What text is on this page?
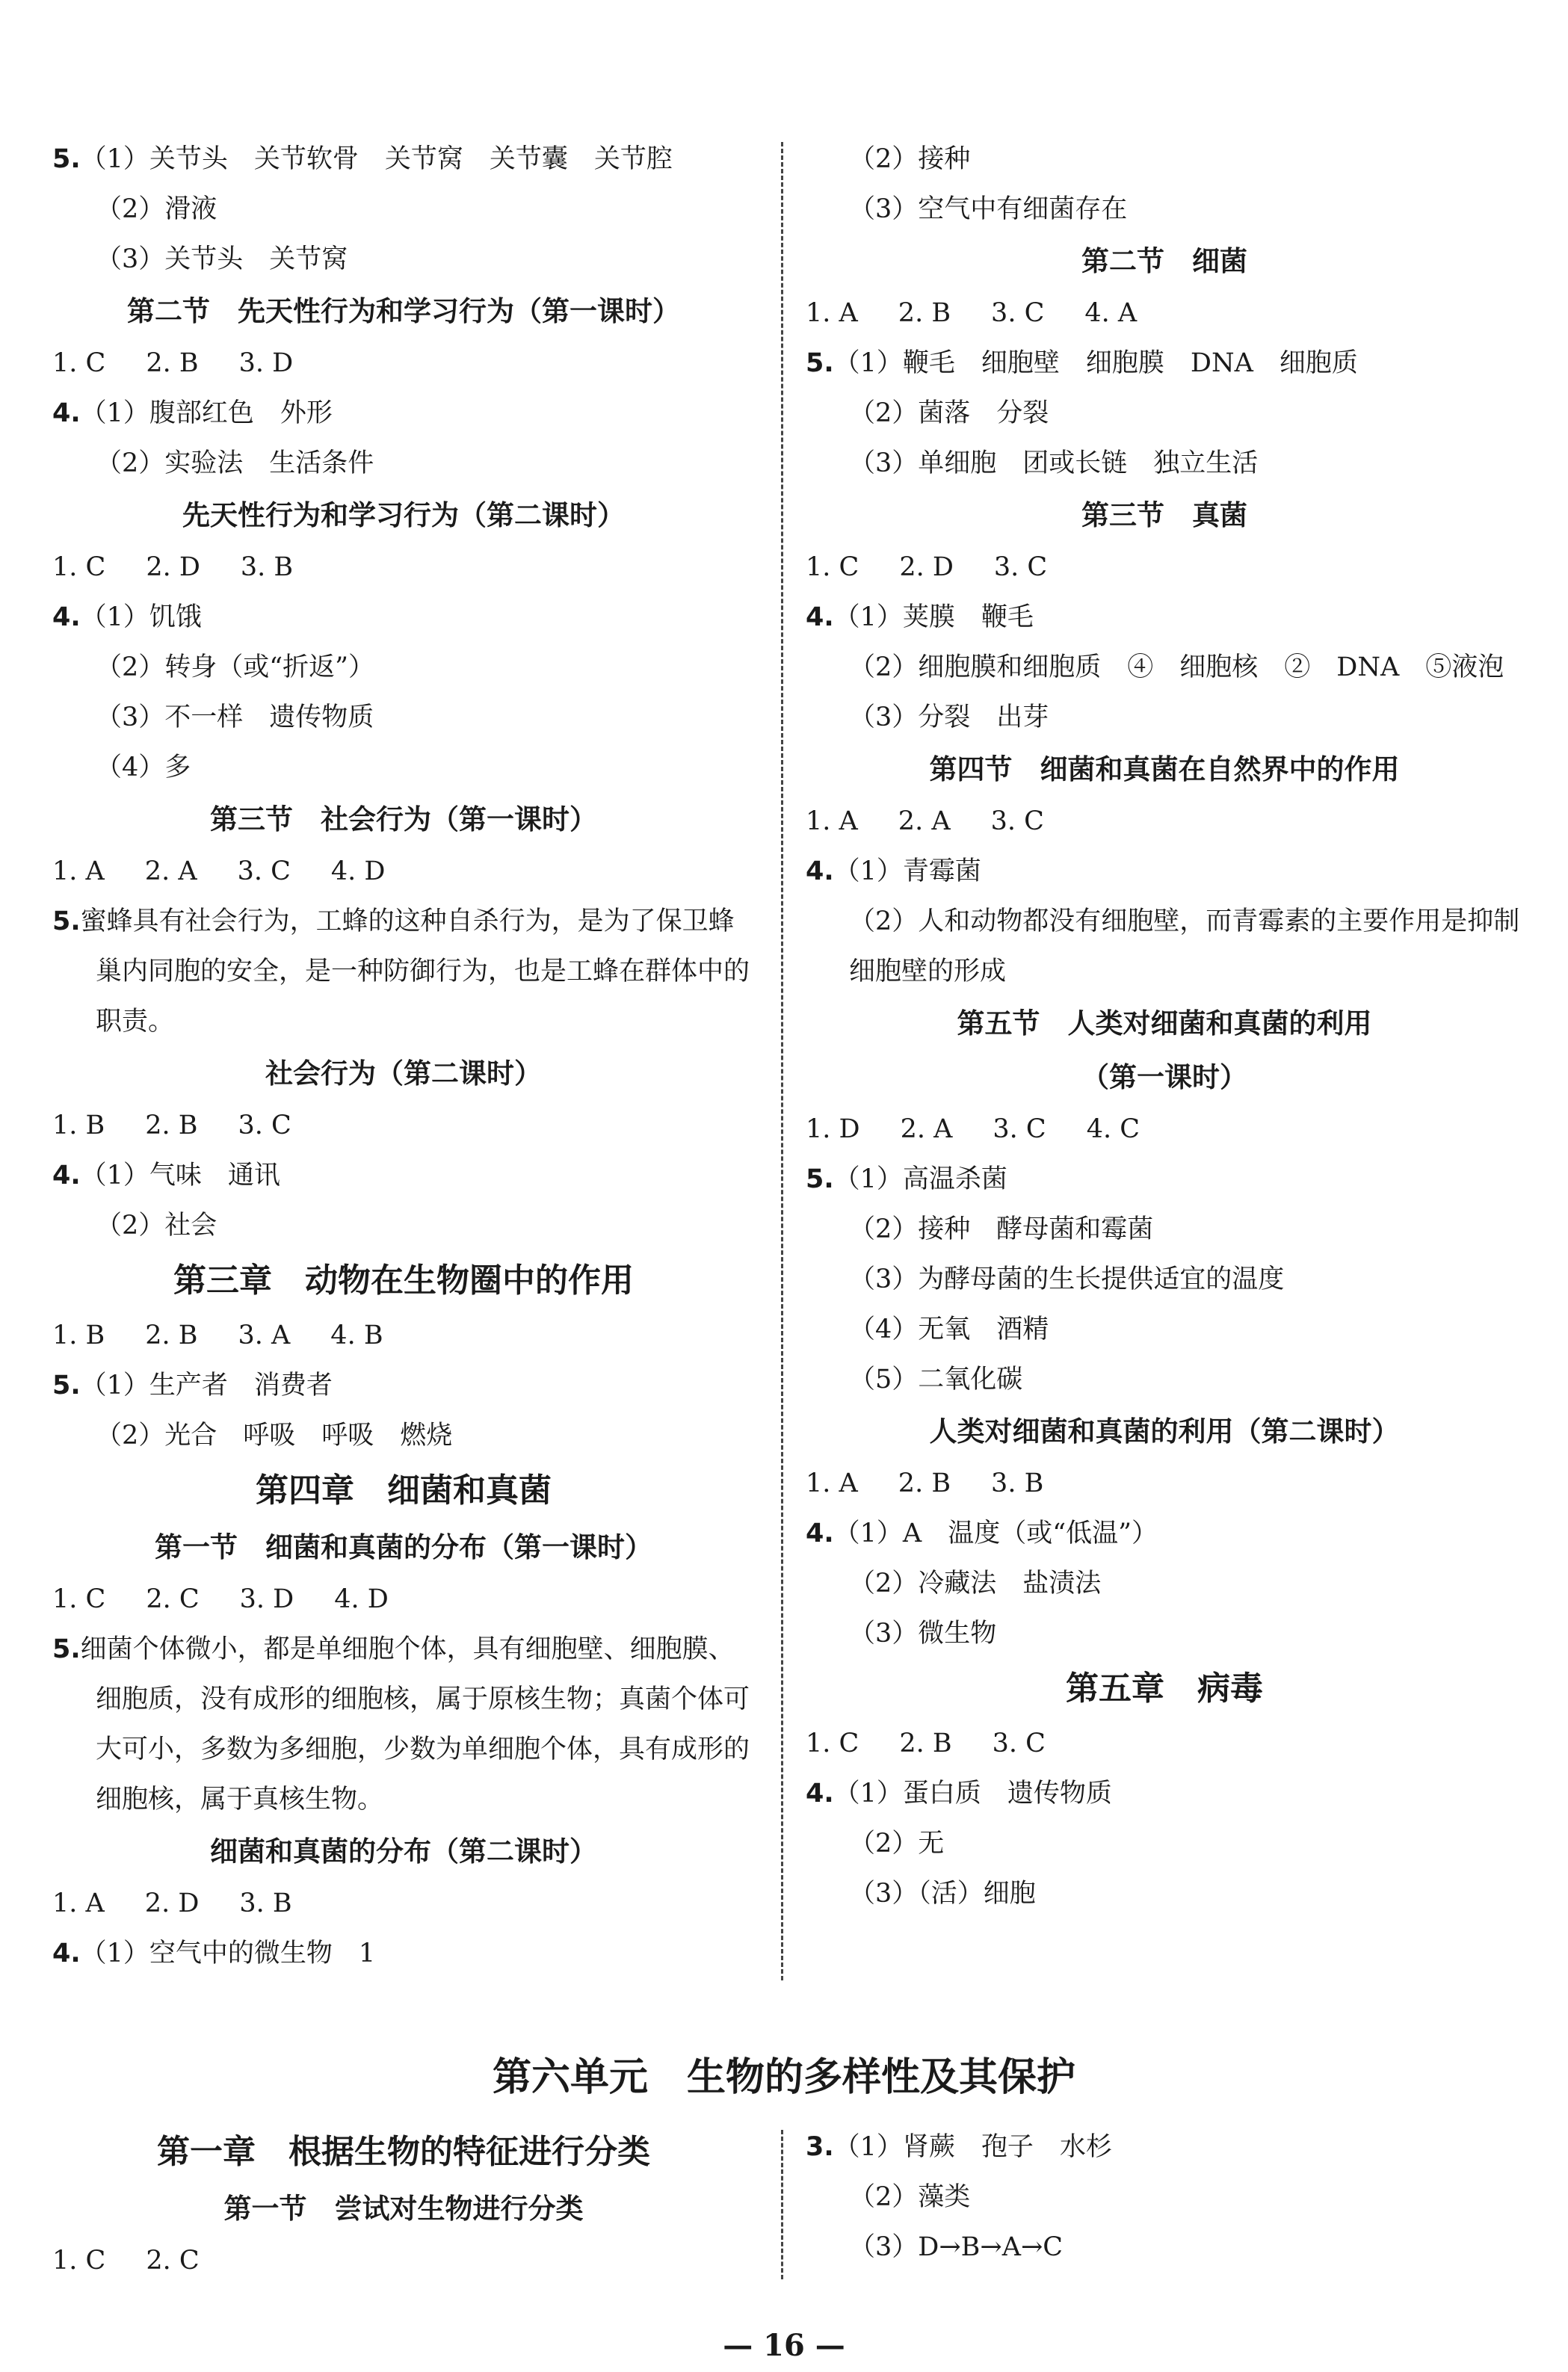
5.（1）关节头　关节软骨　关节窝　关节囊　关节腔
（2）滑液
（3）关节头　关节窝
第二节　先天性行为和学习行为（第一课时）
1. C 2. B 3. D
4.（1）腹部红色　外形
（2）实验法　生活条件
先天性行为和学习行为（第二课时）
1. C 2. D 3. B
4.（1）饥饿
（2）转身（或“折返”）
（3）不一样　遗传物质
（4）多
第三节　社会行为（第一课时）
1. A 2. A 3. C 4. D
5.蜜蜂具有社会行为，工蜂的这种自杀行为，是为了保卫蜂巢内同胞的安全，是一种防御行为，也是工蜂在群体中的职责。
社会行为（第二课时）
1. B 2. B 3. C
4.（1）气味　通讯
（2）社会
第三章　动物在生物圈中的作用
1. B 2. B 3. A 4. B
5.（1）生产者　消费者
（2）光合　呼吸　呼吸　燃烧
第四章　细菌和真菌
第一节　细菌和真菌的分布（第一课时）
1. C 2. C 3. D 4. D
5.细菌个体微小，都是单细胞个体，具有细胞壁、细胞膜、细胞质，没有成形的细胞核，属于原核生物；真菌个体可大可小，多数为多细胞，少数为单细胞个体，具有成形的细胞核，属于真核生物。
细菌和真菌的分布（第二课时）
1. A 2. D 3. B
4.（1）空气中的微生物　1
（2）接种
（3）空气中有细菌存在
第二节　细菌
1. A 2. B 3. C 4. A
5.（1）鞭毛　细胞壁　细胞膜　DNA　细胞质
（2）菌落　分裂
（3）单细胞　团或长链　独立生活
第三节　真菌
1. C 2. D 3. C
4.（1）荚膜　鞭毛
（2）细胞膜和细胞质　④　细胞核　②　DNA　⑤液泡
（3）分裂　出芽
第四节　细菌和真菌在自然界中的作用
1. A 2. A 3. C
4.（1）青霉菌
（2）人和动物都没有细胞壁，而青霉素的主要作用是抑制细胞壁的形成
第五节　人类对细菌和真菌的利用
（第一课时）
1. D 2. A 3. C 4. C
5.（1）高温杀菌
（2）接种　酵母菌和霉菌
（3）为酵母菌的生长提供适宜的温度
（4）无氧　酒精
（5）二氧化碳
人类对细菌和真菌的利用（第二课时）
1. A 2. B 3. B
4.（1）A　温度（或“低温”）
（2）冷藏法　盐渍法
（3）微生物
第五章　病毒
1. C 2. B 3. C
4.（1）蛋白质　遗传物质
（2）无
（3）（活）细胞
第六单元　生物的多样性及其保护
第一章　根据生物的特征进行分类
第一节　尝试对生物进行分类
1. C 2. C
3.（1）肾蕨　孢子　水杉
（2）藻类
（3）D→B→A→C
— 16 —
